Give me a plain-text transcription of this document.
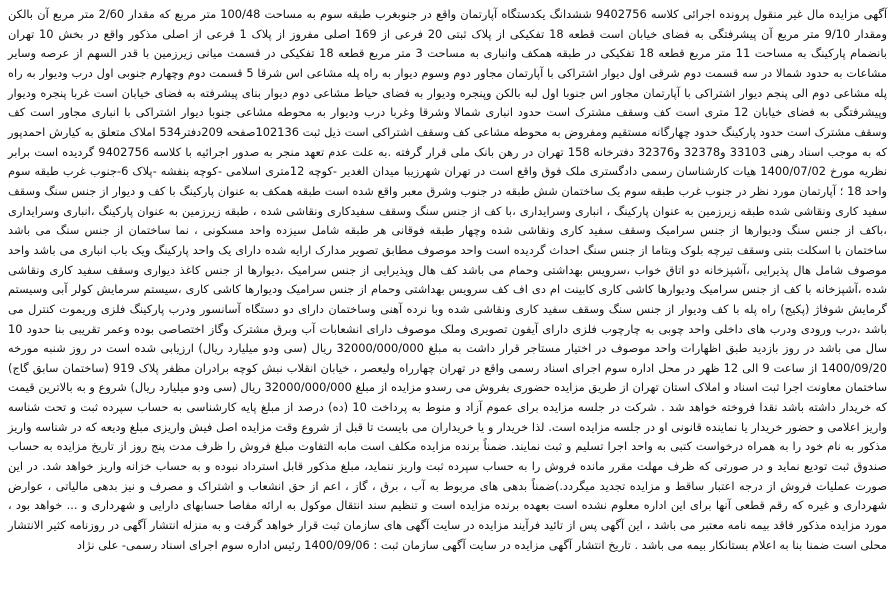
آگهی مزایده مال غیر منقول پرونده اجرائی کلاسه 9402756 ششدانگ یکدستگاه آپارتمان واقع در جنوبغرب طبقه سوم به مساحت 100/48 متر مربع که مقدار 2/60 متر مربع آن بالکن ومقدار 9/10 متر مربع آن پیشرفتگی به فضای خیابان است قطعه 18 تفکیکی از پلاک ثبتی 20 فرعی از 169 اصلی مفروز از پلاک 1 فرعی از اصلی مذکور واقع در بخش 10 تهران بانضمام پارکینگ به مساحت 11 متر مربع قطعه 18 تفکیکی در طبقه همکف وانباری به مساحت 3 متر مربع قطعه 18 تفکیکی در قسمت میانی زیرزمین با قدر السهم از عرصه وسایر مشاعات به حدود شمالا در سه قسمت دوم شرقی اول دیوار اشتراکی با آپارتمان مجاور دوم وسوم دیوار به راه پله مشاعی اس شرقا 5 قسمت دوم وچهارم جنوبی اول درب ودیوار به راه پله مشاعی دوم الی پنجم دیوار اشتراکی با آپارتمان مجاور اس جنوبا اول لبه بالکن وپنجره ودیوار به فضای حیاط مشاعی دوم دیوار بنای پیشرفته به فضای خیابان است غربا پنجره ودیوار وپیشرفتگی به فضای خیابان 12 متری است کف وسقف مشترک است حدود انباری شمالا وشرقا وغربا درب ودیوار به محوطه مشاعی جنوبا دیوار اشتراکی با انباری مجاور است کف وسقف مشترک است حدود پارکینگ حدود چهارگانه مستقیم ومفروض به محوطه مشاعی کف وسقف اشتراکی است ذیل ثبت 102136صفحه 209دفتر534 املاک متعلق به کیارش احمدپور که به موجب اسناد رهنی 33103 و32378 و32376 دفترخانه 158 تهران در رهن بانک ملی قرار گرفته .به علت عدم تعهد منجر به صدور اجرائیه با کلاسه 9402756 گردیده است برابر نظریه مورخ 1400/07/02 هیات کارشناسان رسمی دادگستری ملک فوق واقع است در تهران شهرزیبا میدان الغدیر -کوچه 12متری اسلامی -کوچه بنفشه -پلاک 6-جنوب غرب طبقه سوم واحد 18 ؛ آپارتمان مورد نظر در جنوب غرب طبقه سوم یک ساختمان شش طبقه در جنوب وشرق معبر واقع شده است طبقه همکف به عنوان پارکینگ با کف و دیوار از جنس سنگ وسقف سفید کاری ونقاشی شده طبقه زیرزمین به عنوان پارکینگ ، انباری وسرایداری ،با کف از جنس سنگ وسقف سفیدکاری ونقاشی شده ، طبقه زیرزمین به عنوان پارکینگ ،انباری وسرایداری ،باکف از جنس سنگ ودیوارها از جنس سرامیک وسقف سفید کاری ونقاشی شده وچهار طبقه فوقانی هر طبقه شامل سیزده واحد مسکونی ، نما ساختمان از جنس سنگ می باشد ساختمان با اسکلت بتنی وسقف تیرچه بلوک وبتاما از جنس سنگ احداث گردیده است واحد موصوف مطابق تصویر مدارک ارایه شده دارای یک واحد پارکینگ ویک باب انباری می باشد واحد موصوف شامل هال پذیرایی ،آشپزخانه دو اتاق خواب ،سرویس بهداشتی وحمام می باشد کف هال وپذیرایی از جنس سرامیک ،دیوارها از جنس کاغذ دیواری وسقف سفید کاری ونقاشی شده ،آشپزخانه با کف از جنس سرامیک ودیوارها کاشی کاری کابینت ام دی اف کف سرویس بهداشتی وحمام از جنس سرامیک ودیوارها کاشی کاری ،سیستم سرمایش کولر آبی وسیستم گرمایش شوفاژ (پکیج) راه پله با کف ودیوار از جنس سنگ وسقف سفید کاری ونقاشی شده وبا نرده آهنی وساختمان دارای دو دستگاه آسانسور ودرب پارکینگ فلزی وریموت کنترل می باشد ،درب ورودی ودرب های داخلی واحد چوبی به چارچوب فلزی دارای آیفون تصویری وملک موصوف دارای انشعابات آب وبرق مشترک وگاز اختصاصی بوده وعمر تقریبی بنا حدود 10 سال می باشد در روز بازدید طبق اظهارات واحد موصوف در اختیار مستاجر قرار داشت به مبلغ 32000/000/000 ریال (سی ودو میلیارد ریال) ارزیابی شده است در روز شنبه مورخه 1400/09/20 از ساعت 9 الی 12 ظهر در محل اداره سوم اجرای اسناد رسمی واقع در تهران چهارراه ولیعصر ، خیابان انقلاب نبش کوچه برادران مظفر پلاک 919 (ساختمان سابق گاج) ساختمان معاونت اجرا ثبت اسناد و املاک استان تهران از طریق مزایده حضوری بفروش می رسدو مزایده از مبلغ 32000/000/000 ریال (سی ودو میلیارد ریال) شروع و به بالاترین قیمت که خریدار داشته باشد نقدا فروخته خواهد شد . شرکت در جلسه مزایده برای عموم آزاد و منوط به پرداخت 10 (ده) درصد از مبلغ پایه کارشناسی به حساب سپرده ثبت و تحت شناسه واریز اعلامی و حضور خریدار یا نماینده قانونی او در جلسه مزایده است. لذا خریدار و یا خریداران می بایست تا قبل از شروع وقت مزایده اصل فیش واریزی مبلغ ودیعه که در شناسه واریز مذکور به نام خود را به همراه درخواست کتبی به واحد اجرا تسلیم و ثبت نمایند. ضمناً برنده مزایده مکلف است مابه التفاوت مبلغ فروش را ظرف مدت پنج روز از تاریخ مزایده به حساب صندوق ثبت تودیع نماید و در صورتی که ظرف مهلت مقرر مانده فروش را به حساب سپرده ثبت واریز ننماید، مبلغ مذکور قابل استرداد نبوده و به حساب خزانه واریز خواهد شد. در این صورت عملیات فروش از درجه اعتبار ساقط و مزایده تجدید میگردد.)ضمناً بدهی های مربوط به آب ، برق ، گاز ، اعم از حق انشعاب و اشتراک و مصرف و نیز بدهی مالیاتی ، عوارض شهرداری و غیره که رقم قطعی آنها برای این اداره معلوم نشده است بعهده برنده مزایده است و تنظیم سند انتقال موکول به ارائه مفاصا حسابهای دارایی و شهرداری و ... خواهد بود ، مورد مزایده مذکور فاقد بیمه نامه معتبر می باشد ، این آگهی پس از تائید فرآیند مزایده در سایت آگهی های سازمان ثبت قرار خواهد گرفت و به منزله انتشار آگهی در روزنامه کثیر الانتشار محلی است ضمنا بنا به اعلام بستانکار بیمه می باشد . تاریخ انتشار آگهی مزایده در سایت آگهی سازمان ثبت : 1400/09/06 رئیس اداره سوم اجرای اسناد رسمی- علی نژاد
